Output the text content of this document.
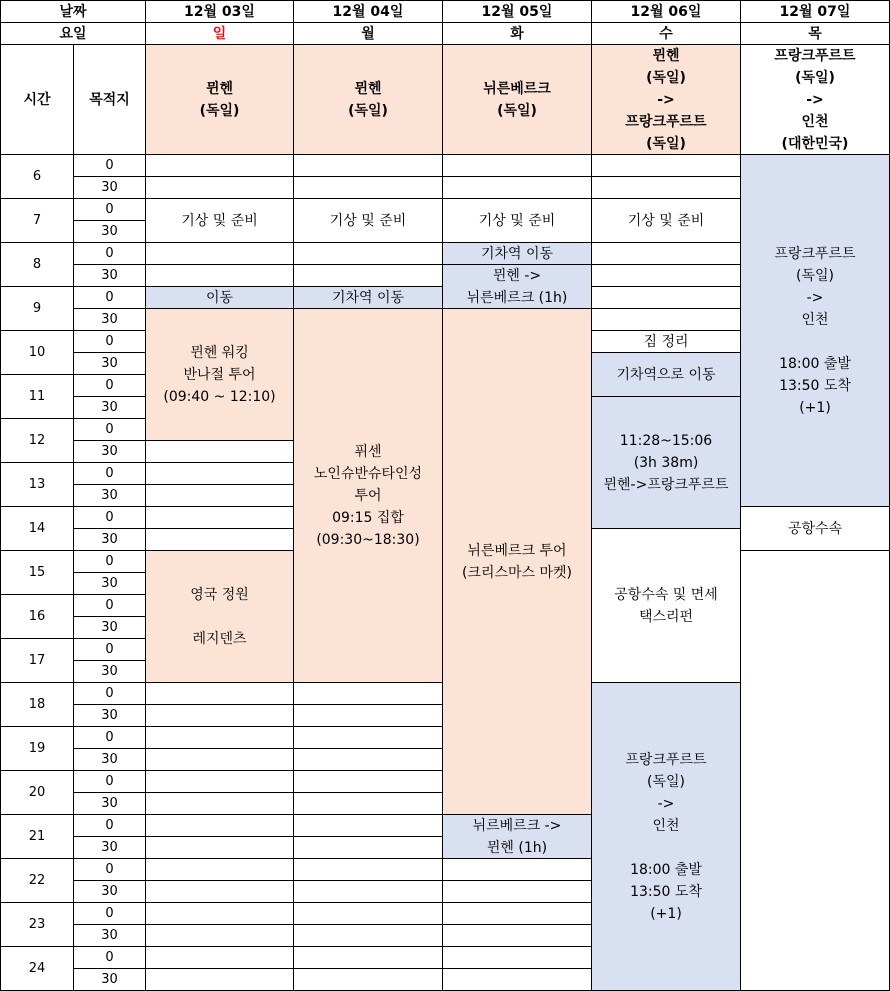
날짜
요일
시간	목적지
12월 03일
일
뮌헨
(독일)
12월 04일
월
뮌헨
(독일)
12월 05일
화
뉘른베르크
(독일)
12월 06일
수
뮌헨
(독일)
->
프랑크푸르트
(독일)
12월 07일
목
프랑크푸르트
(독일)
->
인천
(대한민국)
6
0
30
7
0
30
8
0
30
9
0
30
10
0
30
11
0
30
12
0
30
13
0
30
14
0
30
15
0
30
16
0
30
17
0
30
18
0
30
19
0
30
20
0
30
21
0
30
22
0
30
23
0
30
24
0
30
기상 및 준비
이동
뮌헨 워킹
반나절 투어
(09:40 ~ 12:10)
영국 정원

레지덴츠
기상 및 준비
기차역 이동
퓌센
노인슈반슈타인성
투어
09:15 집합
(09:30~18:30)
기상 및 준비
기차역 이동
뮌헨 ->
뉘른베르크 (1h)
뉘른베르크 투어
(크리스마스 마켓)
뉘르베르크 ->
뮌헨 (1h)
기상 및 준비
짐 정리
기차역으로 이동
11:28~15:06
(3h 38m)
뮌헨->프랑크푸르트
공항수속 및 면세
택스리펀
프랑크푸르트
(독일)
->
인천

18:00 출발
13:50 도착
(+1)
프랑크푸르트
(독일)
->
인천

18:00 출발
13:50 도착
(+1)
공항수속
